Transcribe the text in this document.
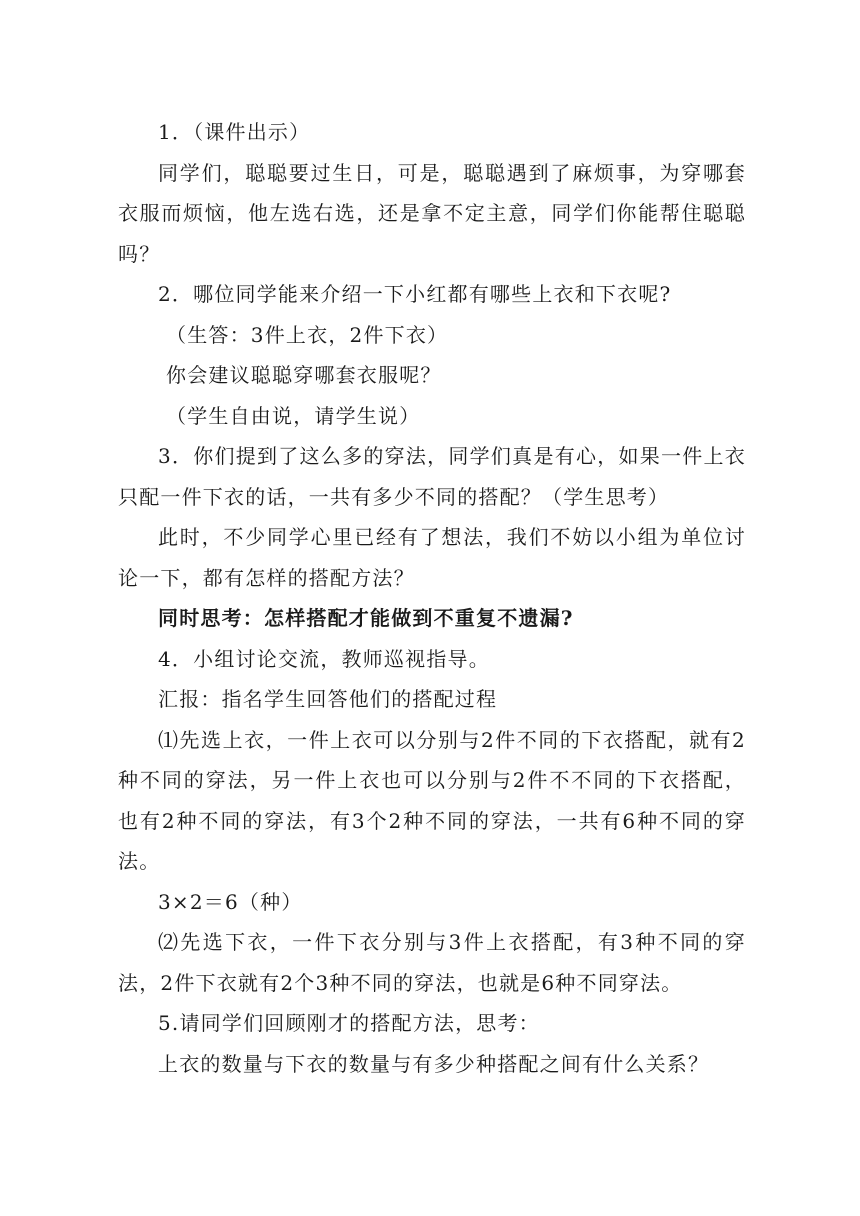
1．（课件出示）

同学们，聪聪要过生日，可是，聪聪遇到了麻烦事，为穿哪套衣服而烦恼，他左选右选，还是拿不定主意，同学们你能帮住聪聪吗？

2．哪位同学能来介绍一下小红都有哪些上衣和下衣呢?

（生答：3件上衣，2件下衣）

你会建议聪聪穿哪套衣服呢？

（学生自由说，请学生说）

3．你们提到了这么多的穿法，同学们真是有心，如果一件上衣只配一件下衣的话，一共有多少不同的搭配？（学生思考）

此时，不少同学心里已经有了想法，我们不妨以小组为单位讨论一下，都有怎样的搭配方法？

同时思考：怎样搭配才能做到不重复不遗漏?

4．小组讨论交流，教师巡视指导。

汇报：指名学生回答他们的搭配过程

⑴先选上衣，一件上衣可以分别与2件不同的下衣搭配，就有2种不同的穿法，另一件上衣也可以分别与2件不不同的下衣搭配，也有2种不同的穿法，有3个2种不同的穿法，一共有6种不同的穿法。

3×2＝6（种）

⑵先选下衣，一件下衣分别与3件上衣搭配，有3种不同的穿法，2件下衣就有2个3种不同的穿法，也就是6种不同穿法。

5.请同学们回顾刚才的搭配方法，思考：

上衣的数量与下衣的数量与有多少种搭配之间有什么关系？
